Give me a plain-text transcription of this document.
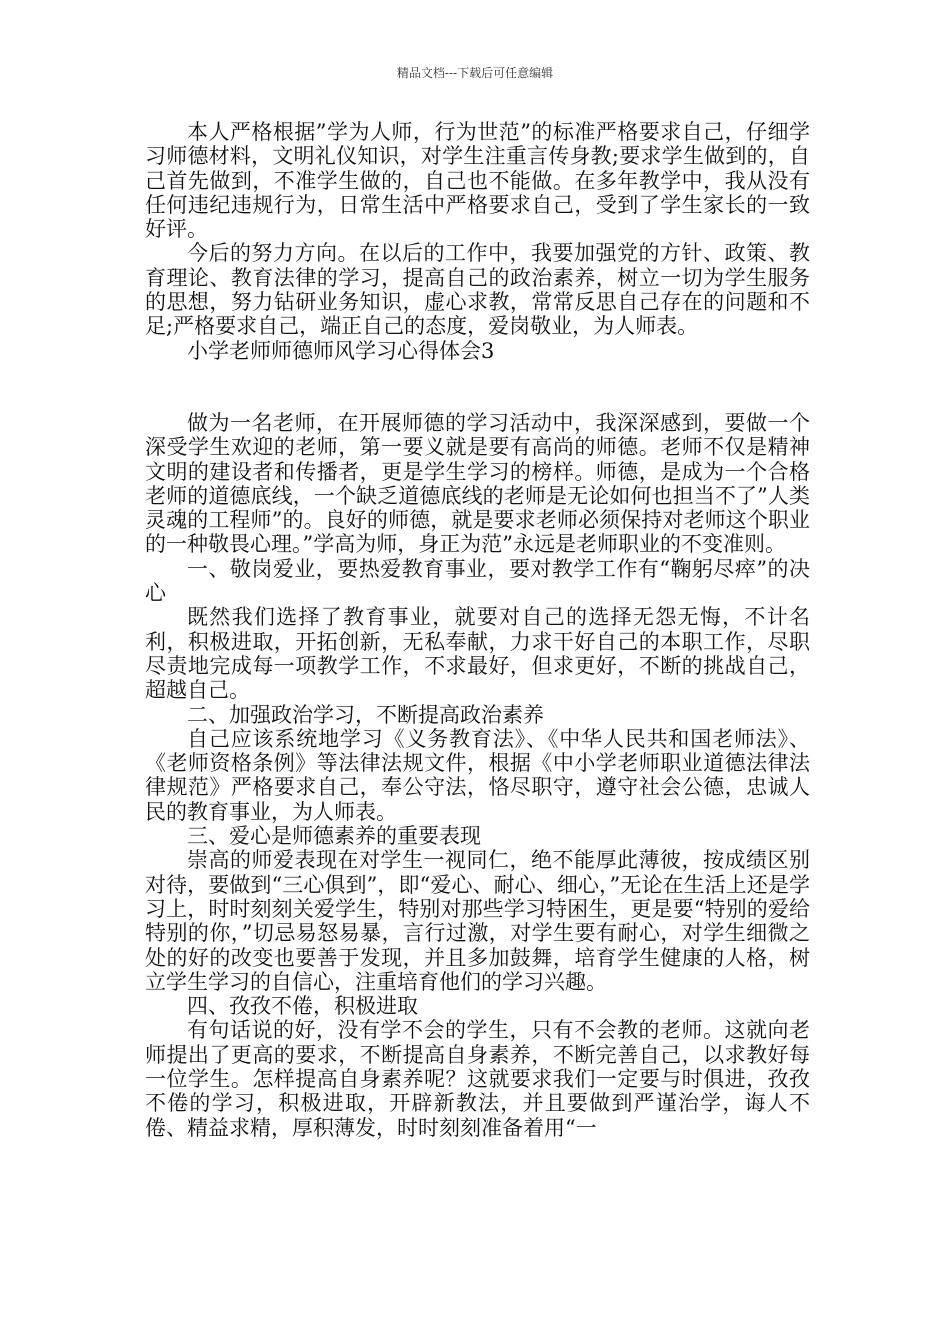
精品文档---下载后可任意编辑

本人严格根据”学为人师，行为世范”的标准严格要求自己，仔细学习师德材料，文明礼仪知识，对学生注重言传身教;要求学生做到的，自己首先做到，不准学生做的，自己也不能做。在多年教学中，我从没有任何违纪违规行为，日常生活中严格要求自己，受到了学生家长的一致好评。

今后的努力方向。在以后的工作中，我要加强党的方针、政策、教育理论、教育法律的学习，提高自己的政治素养，树立一切为学生服务的思想，努力钻研业务知识，虚心求教，常常反思自己存在的问题和不足;严格要求自己，端正自己的态度，爱岗敬业，为人师表。

小学老师师德师风学习心得体会3

做为一名老师，在开展师德的学习活动中，我深深感到，要做一个深受学生欢迎的老师，第一要义就是要有高尚的师德。老师不仅是精神文明的建设者和传播者，更是学生学习的榜样。师德，是成为一个合格老师的道德底线，一个缺乏道德底线的老师是无论如何也担当不了”人类灵魂的工程师”的。良好的师德，就是要求老师必须保持对老师这个职业的一种敬畏心理。”学高为师，身正为范”永远是老师职业的不变准则。

一、敬岗爱业，要热爱教育事业，要对教学工作有“鞠躬尽瘁”的决心

既然我们选择了教育事业，就要对自己的选择无怨无悔，不计名利，积极进取，开拓创新，无私奉献，力求干好自己的本职工作，尽职尽责地完成每一项教学工作，不求最好，但求更好，不断的挑战自己，超越自己。

二、加强政治学习，不断提高政治素养

自己应该系统地学习《义务教育法》、《中华人民共和国老师法》、《老师资格条例》等法律法规文件，根据《中小学老师职业道德法律法律规范》严格要求自己，奉公守法，恪尽职守，遵守社会公德，忠诚人民的教育事业，为人师表。

三、爱心是师德素养的重要表现

崇高的师爱表现在对学生一视同仁，绝不能厚此薄彼，按成绩区别对待，要做到“三心俱到”，即“爱心、耐心、细心，”无论在生活上还是学习上，时时刻刻关爱学生，特别对那些学习特困生，更是要“特别的爱给特别的你，”切忌易怒易暴，言行过激，对学生要有耐心，对学生细微之处的好的改变也要善于发现，并且多加鼓舞，培育学生健康的人格，树立学生学习的自信心，注重培育他们的学习兴趣。

四、孜孜不倦，积极进取

有句话说的好，没有学不会的学生，只有不会教的老师。这就向老师提出了更高的要求，不断提高自身素养，不断完善自己，以求教好每一位学生。怎样提高自身素养呢？这就要求我们一定要与时俱进，孜孜不倦的学习，积极进取，开辟新教法，并且要做到严谨治学，诲人不倦、精益求精，厚积薄发，时时刻刻准备着用“一
